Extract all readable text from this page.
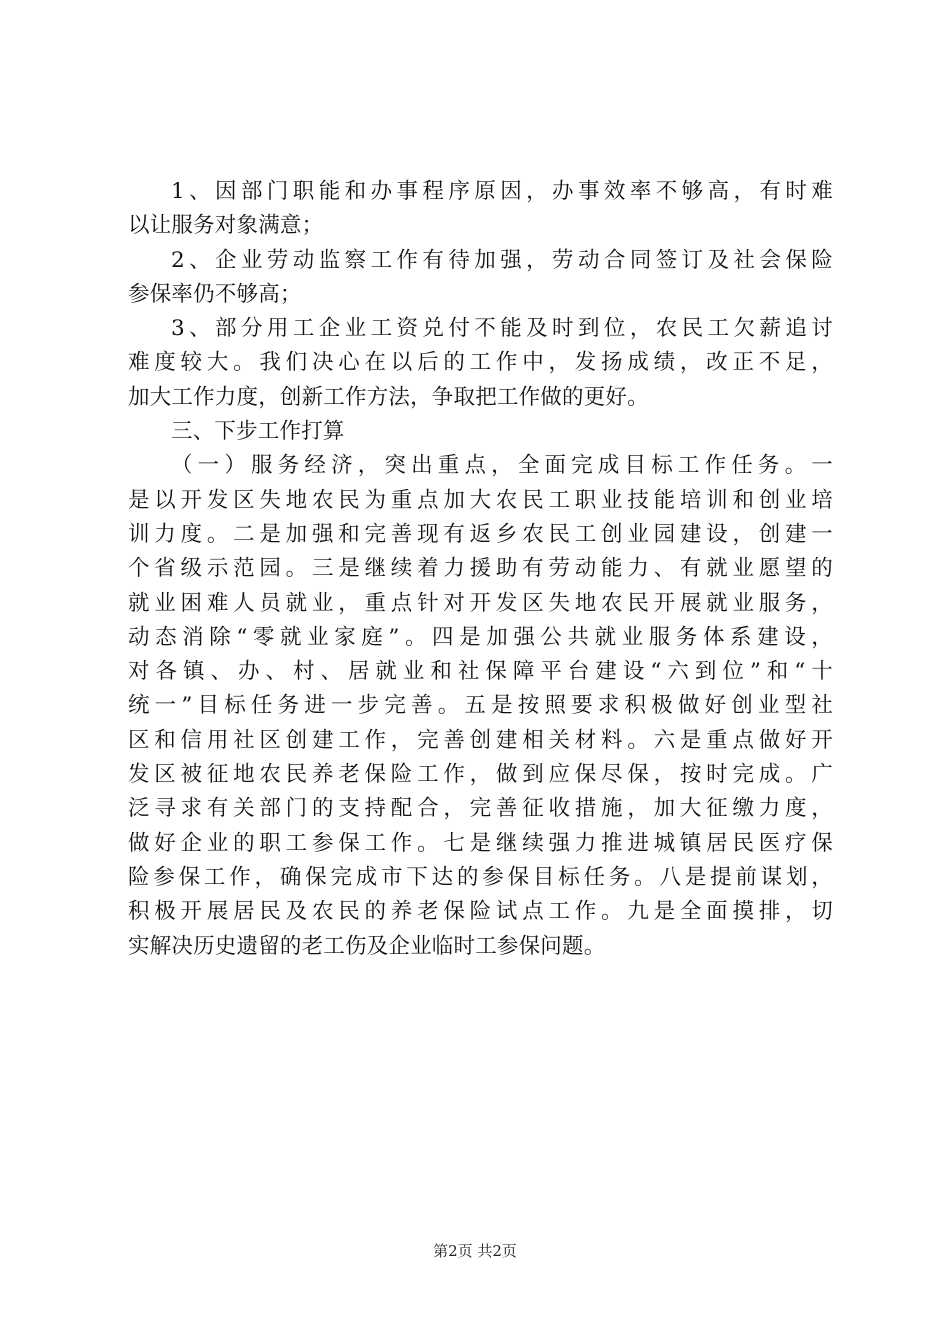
1、因部门职能和办事程序原因，办事效率不够高，有时难
以让服务对象满意；
2、企业劳动监察工作有待加强，劳动合同签订及社会保险
参保率仍不够高；
3、部分用工企业工资兑付不能及时到位，农民工欠薪追讨
难度较大。我们决心在以后的工作中，发扬成绩，改正不足，
加大工作力度，创新工作方法，争取把工作做的更好。
三、下步工作打算
（一）服务经济，突出重点，全面完成目标工作任务。一
是以开发区失地农民为重点加大农民工职业技能培训和创业培
训力度。二是加强和完善现有返乡农民工创业园建设，创建一
个省级示范园。三是继续着力援助有劳动能力、有就业愿望的
就业困难人员就业，重点针对开发区失地农民开展就业服务，
动态消除“零就业家庭”。四是加强公共就业服务体系建设，
对各镇、办、村、居就业和社保障平台建设“六到位”和“十
统一”目标任务进一步完善。五是按照要求积极做好创业型社
区和信用社区创建工作，完善创建相关材料。六是重点做好开
发区被征地农民养老保险工作，做到应保尽保，按时完成。广
泛寻求有关部门的支持配合，完善征收措施，加大征缴力度，
做好企业的职工参保工作。七是继续强力推进城镇居民医疗保
险参保工作，确保完成市下达的参保目标任务。八是提前谋划，
积极开展居民及农民的养老保险试点工作。九是全面摸排，切
实解决历史遗留的老工伤及企业临时工参保问题。
第2页 共2页
